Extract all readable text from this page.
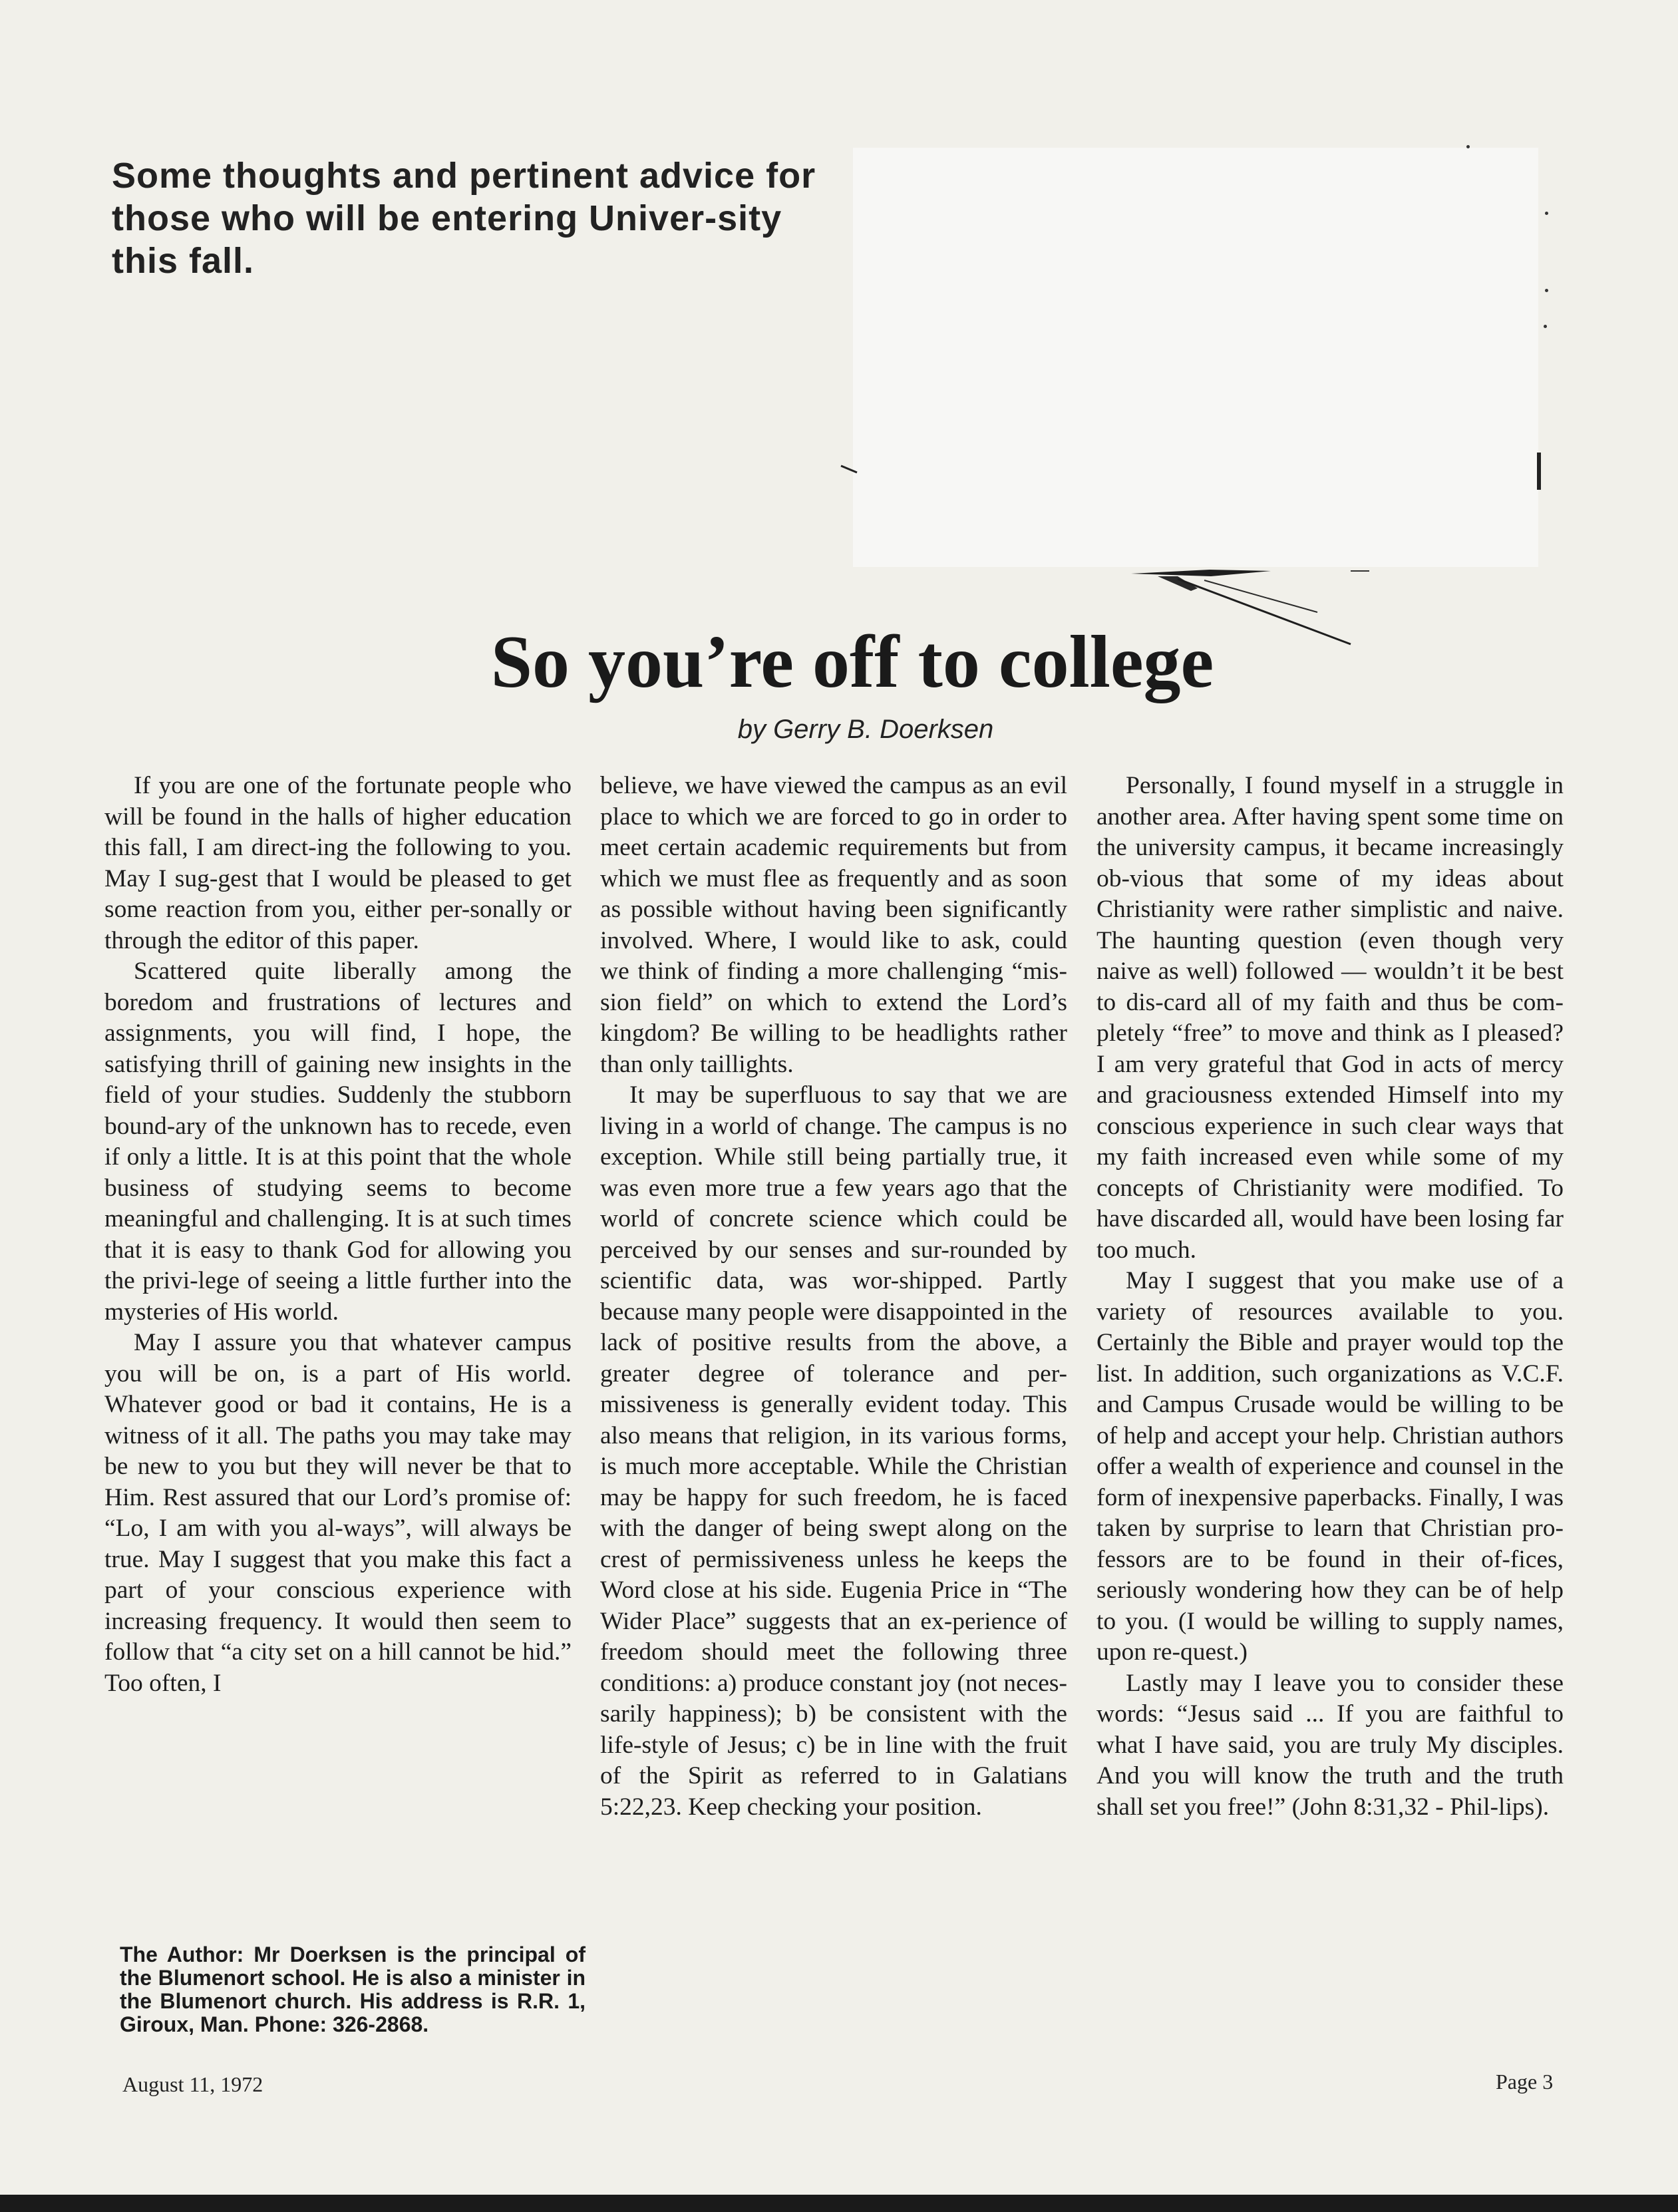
Some thoughts and pertinent advice for those who will be entering Univer-sity this fall.
So you’re off to college
by Gerry B. Doerksen

If you are one of the fortunate people who will be found in the halls of higher education this fall, I am direct-ing the following to you. May I sug-gest that I would be pleased to get some reaction from you, either per-sonally or through the editor of this paper.

Scattered quite liberally among the boredom and frustrations of lectures and assignments, you will find, I hope, the satisfying thrill of gaining new insights in the field of your studies. Suddenly the stubborn bound-ary of the unknown has to recede, even if only a little. It is at this point that the whole business of studying seems to become meaningful and challenging. It is at such times that it is easy to thank God for allowing you the privi-lege of seeing a little further into the mysteries of His world.

May I assure you that whatever campus you will be on, is a part of His world. Whatever good or bad it contains, He is a witness of it all. The paths you may take may be new to you but they will never be that to Him. Rest assured that our Lord’s promise of: “Lo, I am with you al-ways”, will always be true. May I suggest that you make this fact a part of your conscious experience with increasing frequency. It would then seem to follow that “a city set on a hill cannot be hid.” Too often, I

believe, we have viewed the campus as an evil place to which we are forced to go in order to meet certain academic requirements but from which we must flee as frequently and as soon as possible without having been significantly involved. Where, I would like to ask, could we think of finding a more challenging “mis-sion field” on which to extend the Lord’s kingdom? Be willing to be headlights rather than only taillights.

It may be superfluous to say that we are living in a world of change. The campus is no exception. While still being partially true, it was even more true a few years ago that the world of concrete science which could be perceived by our senses and sur-rounded by scientific data, was wor-shipped. Partly because many people were disappointed in the lack of positive results from the above, a greater degree of tolerance and per-missiveness is generally evident today. This also means that religion, in its various forms, is much more acceptable. While the Christian may be happy for such freedom, he is faced with the danger of being swept along on the crest of permissiveness unless he keeps the Word close at his side. Eugenia Price in “The Wider Place” suggests that an ex-perience of freedom should meet the following three conditions: a) produce constant joy (not neces-sarily happiness); b) be consistent with the life-style of Jesus; c) be in line with the fruit of the Spirit as referred to in Galatians 5:22,23. Keep checking your position.

Personally, I found myself in a struggle in another area. After having spent some time on the university campus, it became increasingly ob-vious that some of my ideas about Christianity were rather simplistic and naive. The haunting question (even though very naive as well) followed — wouldn’t it be best to dis-card all of my faith and thus be com-pletely “free” to move and think as I pleased? I am very grateful that God in acts of mercy and graciousness extended Himself into my conscious experience in such clear ways that my faith increased even while some of my concepts of Christianity were modified. To have discarded all, would have been losing far too much.

May I suggest that you make use of a variety of resources available to you. Certainly the Bible and prayer would top the list. In addition, such organizations as V.C.F. and Campus Crusade would be willing to be of help and accept your help. Christian authors offer a wealth of experience and counsel in the form of inexpensive paperbacks. Finally, I was taken by surprise to learn that Christian pro-fessors are to be found in their of-fices, seriously wondering how they can be of help to you. (I would be willing to supply names, upon re-quest.)

Lastly may I leave you to consider these words: “Jesus said ... If you are faithful to what I have said, you are truly My disciples. And you will know the truth and the truth shall set you free!” (John 8:31,32 - Phil-lips).

The Author: Mr Doerksen is the principal of the Blumenort school. He is also a minister in the Blumenort church. His address is R.R. 1, Giroux, Man. Phone: 326-2868.
August 11, 1972	Page 3
